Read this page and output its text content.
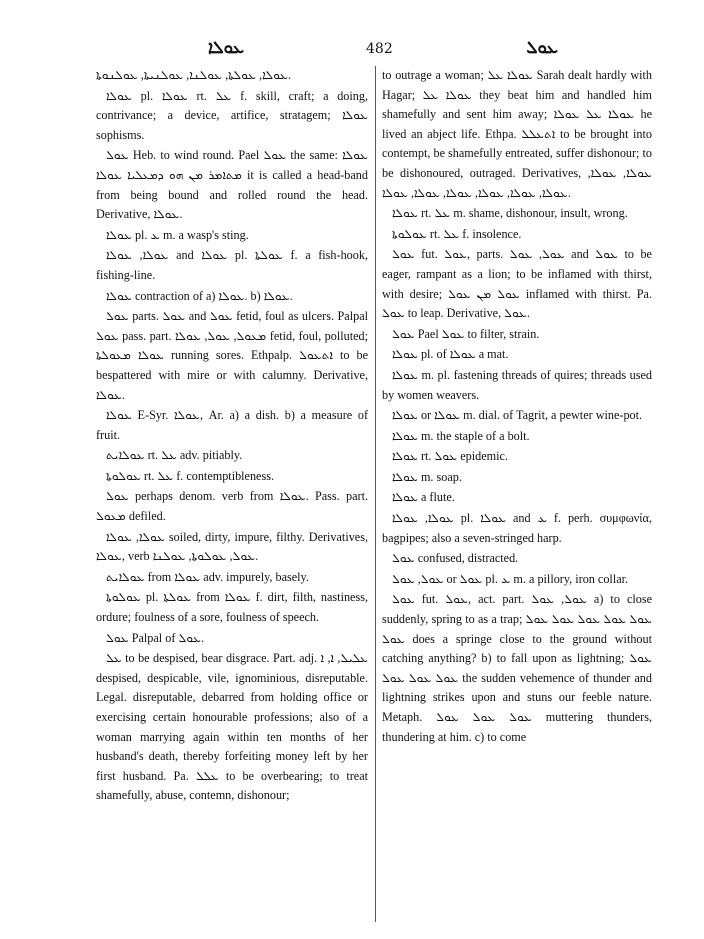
ܥܘܠܐ	482	ܥܘܠ

ܥܘܠܐ, ܥܘܠܬܐ, ܥܘܠܢܐ, ܥܘܠܢܝܬܐ, ܥܘܠܢܘܬܐ.

ܥܘܠܐ pl. ܥܘܠܐ rt. ܥܠ f. skill, craft; a doing, contrivance; a device, artifice, stratagem; ܥܘܠܐ sophisms.

ܥܘܠ Heb. to wind round. Pael ܥܘܠ the same: ܥܘܠܐ ܡܬܐܡܪ ܡܢ ܗܘ ܕܡܥܠܝܐ ܥܘܠܐ it is called a head-band from being bound and rolled round the head. Derivative, ܥܘܠܐ.

ܥܘܠܐ pl. ܥ m. a wasp's sting.

ܥܘܠܐ, ܥܘܠܐ and ܥܘܠܐ pl. ܥܘܠܬܐ f. a fish-hook, fishing-line.

ܥܘܠܐ contraction of a) ܥܘܠܐ. b) ܥܘܠܐ.

ܥܘܠ parts. ܥܘܠ and ܥܘܠ fetid, foul as ulcers. Palpal ܥܘܠ pass. part. ܡܥܘܠ, ܥܘܠ, ܥܘܠܐ fetid, foul, polluted; ܥܘܠܐ ܡܥܘܠܬܐ running sores. Ethpalp. ܐܬܥܘܠ to be bespattered with mire or with calumny. Derivative, ܥܘܠܐ.

ܥܘܠܐ E-Syr. ܥܘܠܐ, Ar. a) a dish. b) a measure of fruit.

ܥܘܠܐܝܬ rt. ܥܠ adv. pitiably.

ܥܘܠܘܬܐ rt. ܥܠ f. contemptibleness.

ܥܘܠ perhaps denom. verb from ܥܘܠܐ. Pass. part. ܡܥܘܠ defiled.

ܥܘܠܐ, ܥܘܠܐ soiled, dirty, impure, filthy. Derivatives, ܥܘܠܐ, verb ܥܘܠ, ܥܘܠܘܬܐ, ܥܘܠܢܐ.

ܥܘܠܐܝܬ from ܥܘܠܐ adv. impurely, basely.

ܥܘܠܘܬܐ pl. ܥܘܠܬܐ from ܥܘܠܐ f. dirt, filth, nastiness, ordure; foulness of a sore, foulness of speech.

ܥܘܠ Palpal of ܥܘܠ.

ܥܠ to be despised, bear disgrace. Part. adj. ܥܠܝܠ, ܐ, ܐ despised, despicable, vile, ignominious, disreputable. Legal. disreputable, debarred from holding office or exercising certain honourable professions; also of a woman marrying again within ten months of her husband's death, thereby forfeiting money left by her first husband. Pa. ܥܠܠ to be overbearing; to treat shamefully, abuse, contemn, dishonour;

to outrage a woman; ܥܘܠܐ ܥܠ Sarah dealt hardly with Hagar; ܥܘܠܐ ܥܠ they beat him and handled him shamefully and sent him away; ܥܘܠܐ ܥܠ ܥܘܠܐ he lived an abject life. Ethpa. ܐܬܥܠܠ to be brought into contempt, be shamefully entreated, suffer dishonour; to be dishonoured, outraged. Derivatives, ܥܘܠܐ, ܥܘܠܐ, ܥܘܠܐ, ܥܘܠܐ, ܥܘܠܐ, ܥܘܠܐ, ܥܘܠܐ, ܥܘܠܐ.

ܥܘܠܐ rt. ܥܠ m. shame, dishonour, insult, wrong.

ܥܘܠܘܬܐ rt. ܥܠ f. insolence.

ܥܘܠ fut. ܥܘܠ, parts. ܥܘܠ, ܥܘܠ and ܥܘܠ to be eager, rampant as a lion; to be inflamed with thirst, with desire; ܥܘܠ ܡܢ ܥܘܠ inflamed with thirst. Pa. ܥܘܠ to leap. Derivative, ܥܘܠ.

ܥܘܠ Pael ܥܘܠ to filter, strain.

ܥܘܠܐ pl. of ܥܘܠܐ a mat.

ܥܘܠܐ m. pl. fastening threads of quires; threads used by women weavers.

ܥܘܠܐ or ܥܘܠܐ m. dial. of Tagrit, a pewter wine-pot.

ܥܘܠܐ m. the staple of a bolt.

ܥܘܠܐ rt. ܥܘܠ epidemic.

ܥܘܠܐ m. soap.

ܥܘܠܐ a flute.

ܥܘܠܐ, ܥܘܠܐ pl. ܥܘܠܐ and ܥ f. perh. συμφωνία, bagpipes; also a seven-stringed harp.

ܥܘܠ confused, distracted.

ܥܘܠ, ܥܘܠ or ܥܘܠ pl. ܥ m. a pillory, iron collar.

ܥܘܠ fut. ܥܘܠ, act. part. ܥܘܠ, ܥܘܠ a) to close suddenly, spring to as a trap; ܥܘܠ ܥܘܠ ܥܘܠ ܥܘܠ ܥܘܠ ܥܘܠ does a springe close to the ground without catching anything? b) to fall upon as lightning; ܥܘܠ ܥܘܠ ܥܘܠ ܥܘܠ the sudden vehemence of thunder and lightning strikes upon and stuns our feeble nature. Metaph. ܥܘܠ ܥܘܠ ܥܘܠ muttering thunders, thundering at him. c) to come
